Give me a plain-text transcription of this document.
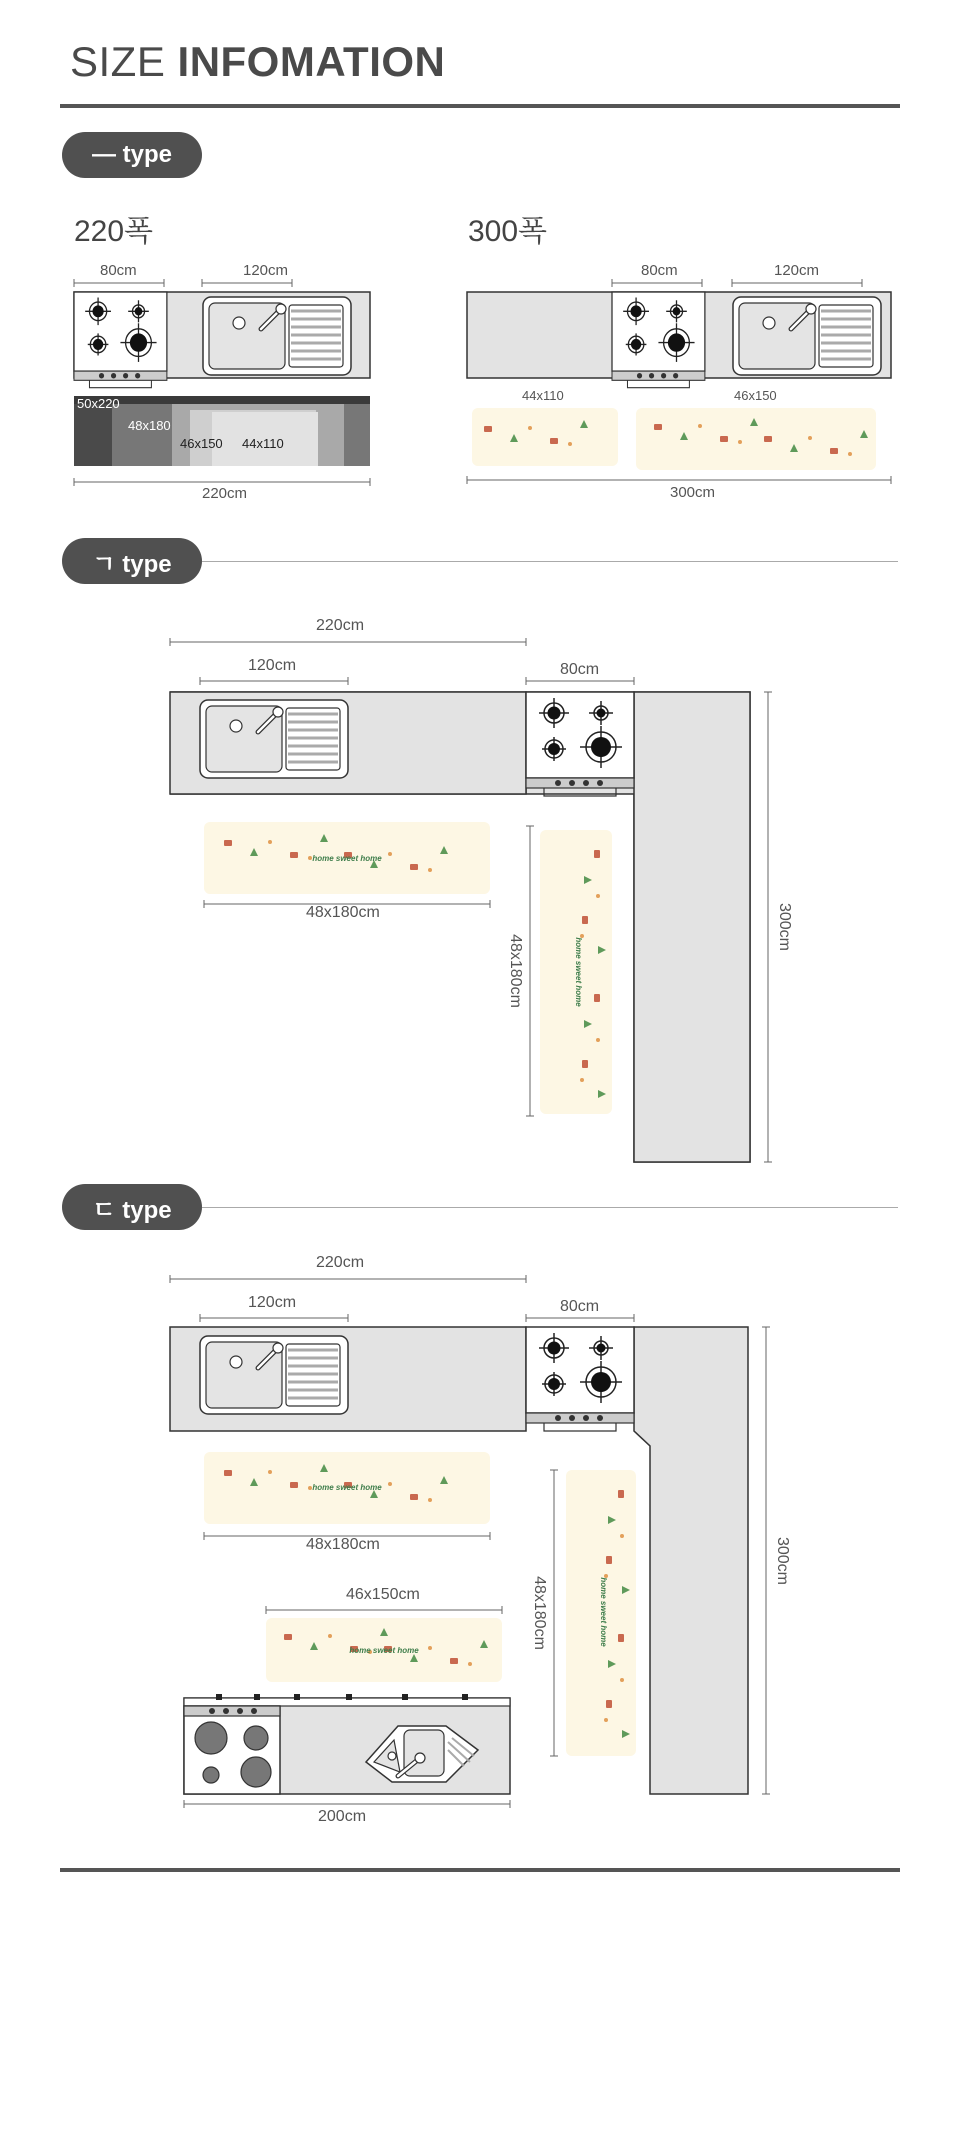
SIZE INFOMATION
— type
220폭	300폭
ㄱ type
ㄷ type
home sweet home
home sweet home
home sweet home
home sweet home
home sweet home
80cm	120cm
50x220
48x180
46x150 44x110
220cm
80cm	120cm
44x110	46x150
300cm
220cm
120cm	80cm
48x180cm
48x180cm
300cm
220cm
120cm	80cm
48x180cm
46x150cm	48x180cm
300cm
200cm
